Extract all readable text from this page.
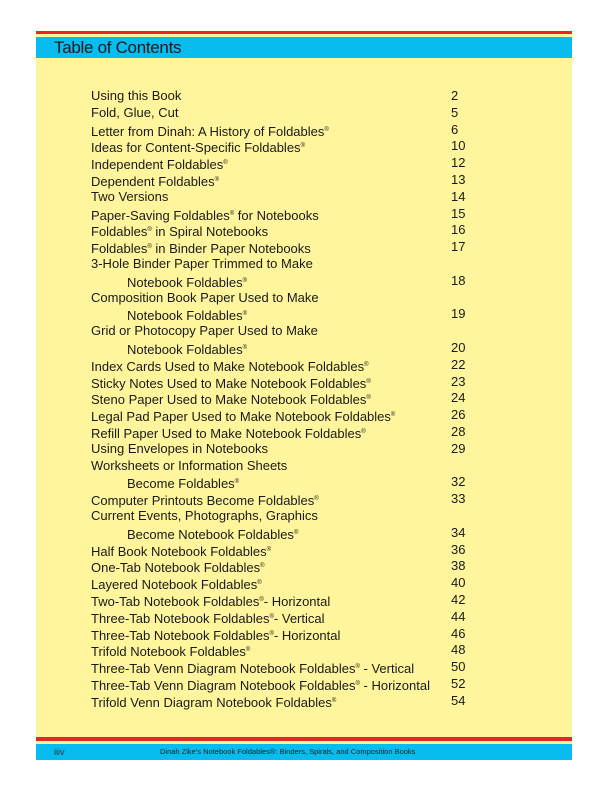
Table of Contents
Using this Book	2
Fold, Glue, Cut	5
Letter from Dinah: A History of Foldables®	6
Ideas for Content-Specific Foldables®	10
Independent Foldables®	12
Dependent Foldables®	13
Two Versions	14
Paper-Saving Foldables® for Notebooks	15
Foldables® in Spiral Notebooks	16
Foldables® in Binder Paper Notebooks	17
3-Hole Binder Paper Trimmed to Make
Notebook Foldables®	18
Composition Book Paper Used to Make
Notebook Foldables®	19
Grid or Photocopy Paper Used to Make
Notebook Foldables®	20
Index Cards Used to Make Notebook Foldables®	22
Sticky Notes Used to Make Notebook Foldables®	23
Steno Paper Used to Make Notebook Foldables®	24
Legal Pad Paper Used to Make Notebook Foldables®	26
Refill Paper Used to Make Notebook Foldables®	28
Using Envelopes in Notebooks	29
Worksheets or Information Sheets
Become Foldables®	32
Computer Printouts Become Foldables®	33
Current Events, Photographs, Graphics
Become Notebook Foldables®	34
Half Book Notebook Foldables®	36
One-Tab Notebook Foldables®	38
Layered Notebook Foldables®	40
Two-Tab Notebook Foldables®- Horizontal	42
Three-Tab Notebook Foldables®- Vertical	44
Three-Tab Notebook Foldables®- Horizontal	46
Trifold Notebook Foldables®	48
Three-Tab Venn Diagram Notebook Foldables® - Vertical	50
Three-Tab Venn Diagram Notebook Foldables® - Horizontal 52
Trifold Venn Diagram Notebook Foldables®	54
iiiv	Dinah Zike's Notebook Foldables®: Binders, Spirals, and Composition Books
